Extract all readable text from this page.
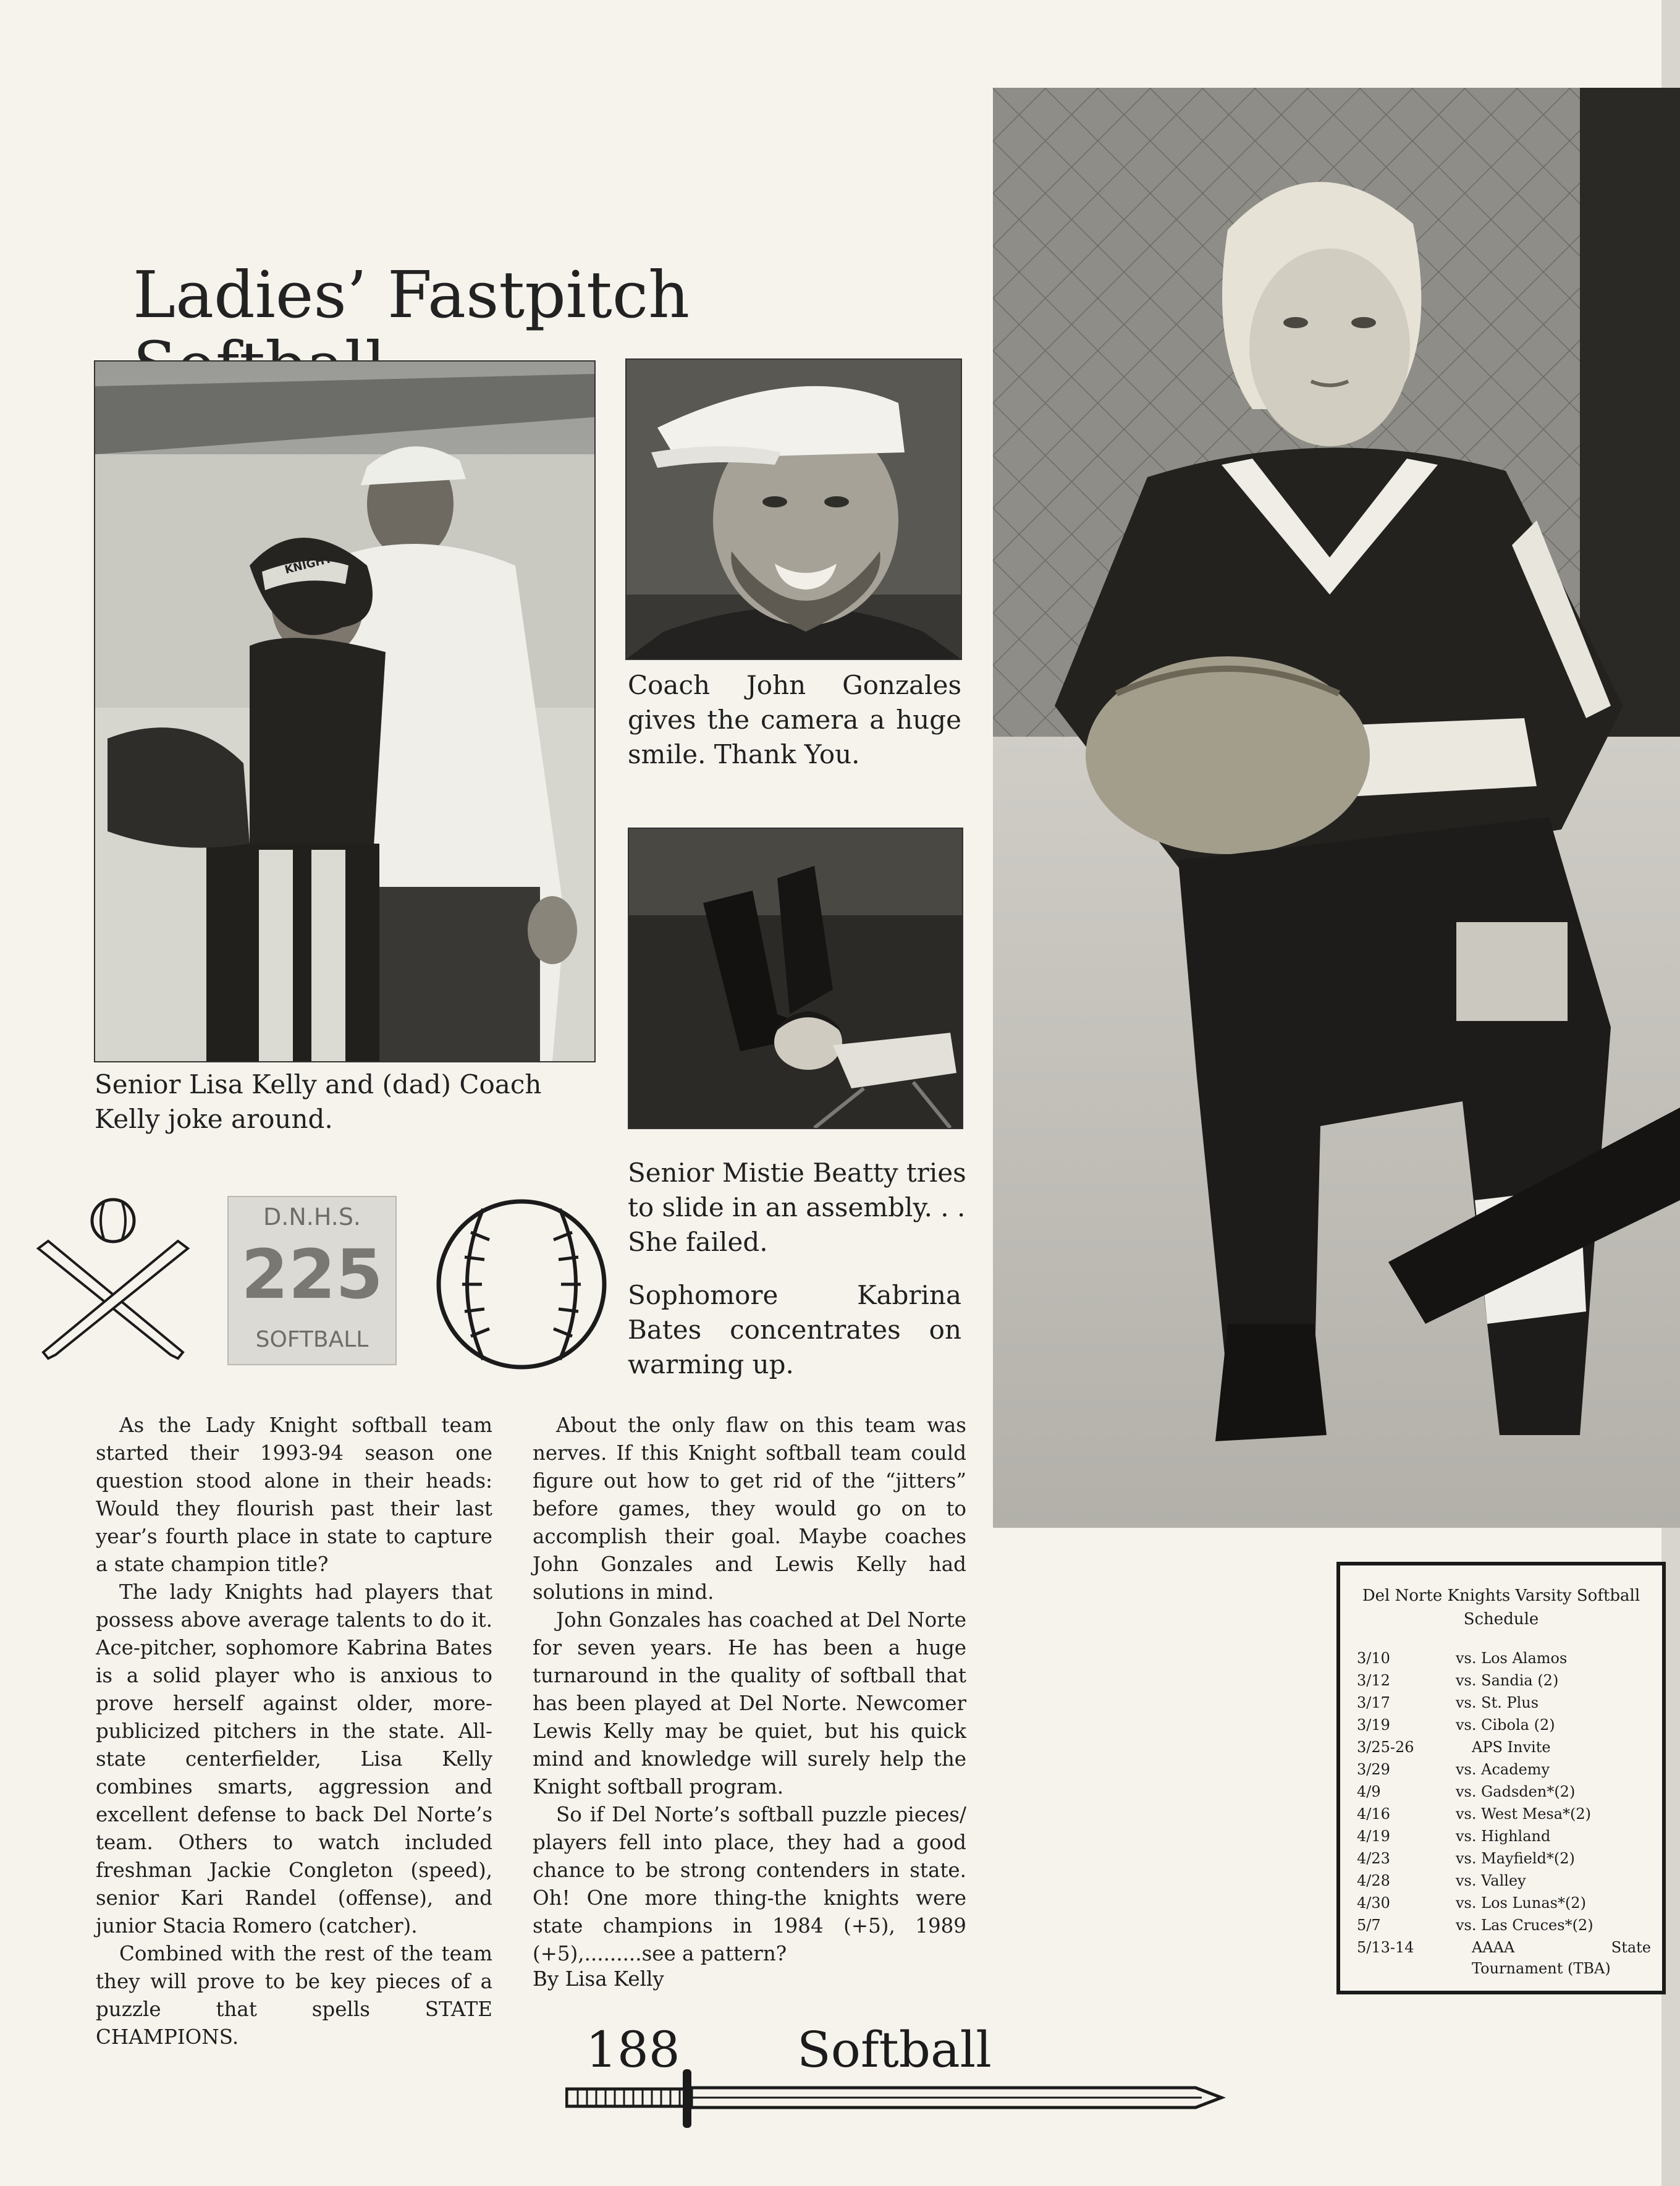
Ladies’ Fastpitch
KNIGHT

Senior Lisa Kelly and (dad) Coach Kelly joke around.

Coach John Gonzales gives the camera a huge smile. Thank You.

Senior Mistie Beatty tries to slide in an assembly. . . She failed.

Sophomore Kabrina Bates concentrates on warming up.

D.N.H.S.
225
SOFTBALL

As the Lady Knight softball team started their 1993-94 season one question stood alone in their heads: Would they flourish past their last year’s fourth place in state to capture a state champion title?

The lady Knights had players that possess above average talents to do it. Ace-pitcher, sophomore Kabrina Bates is a solid player who is anxious to prove herself against older, more-publicized pitchers in the state. All-state centerfielder, Lisa Kelly combines smarts, aggression and excellent defense to back Del Norte’s team. Others to watch included freshman Jackie Congleton (speed), senior Kari Randel (offense), and junior Stacia Romero (catcher).

Combined with the rest of the team they will prove to be key pieces of a puzzle that spells STATE CHAMPIONS.

About the only flaw on this team was nerves. If this Knight softball team could figure out how to get rid of the “jitters” before games, they would go on to accomplish their goal. Maybe coaches John Gonzales and Lewis Kelly had solutions in mind.

John Gonzales has coached at Del Norte for seven years. He has been a huge turnaround in the quality of softball that has been played at Del Norte. Newcomer Lewis Kelly may be quiet, but his quick mind and knowledge will surely help the Knight softball program.

So if Del Norte’s softball puzzle pieces/ players fell into place, they had a good chance to be strong contenders in state. Oh! One more thing-the knights were state champions in 1984 (+5), 1989 (+5),.........see a pattern?

By Lisa Kelly
Del Norte Knights Varsity Softball Schedule
3/10	vs. Los Alamos
3/12	vs. Sandia (2)
3/17	vs. St. Plus
3/19	vs. Cibola (2)
3/25-26	APS Invite
3/29	vs. Academy
4/9	vs. Gadsden*(2)
4/16	vs. West Mesa*(2)
4/19	vs. Highland
4/23	vs. Mayfield*(2)
4/28	vs. Valley
4/30	vs. Los Lunas*(2)
5/7	vs. Las Cruces*(2)
5/13-14	AAAA State Tournament (TBA)
188 Softball
